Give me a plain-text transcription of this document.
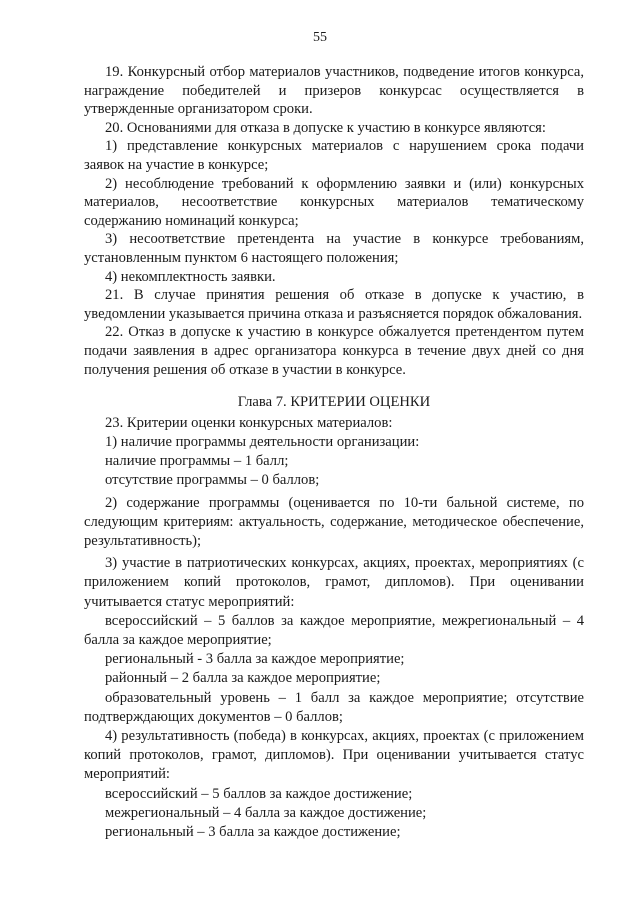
55

19. Конкурсный отбор материалов участников, подведение итогов конкурса, награждение победителей и призеров конкурсас осуществляется в утвержденные организатором сроки.

20. Основаниями для отказа в допуске к участию в конкурсе являются:

1) представление конкурсных материалов с нарушением срока подачи заявок на участие в конкурсе;

2) несоблюдение требований к оформлению заявки и (или) конкурсных материалов, несоответствие конкурсных материалов тематическому содержанию номинаций конкурса;

3) несоответствие претендента на участие в конкурсе требованиям, установленным пунктом 6 настоящего положения;

4) некомплектность заявки.

21. В случае принятия решения об отказе в допуске к участию, в уведомлении указывается причина отказа и разъясняется порядок обжалования.

22. Отказ в допуске к участию в конкурсе обжалуется претендентом путем подачи заявления в адрес организатора конкурса в течение двух дней со дня получения решения об отказе в участии в конкурсе.

Глава 7. КРИТЕРИИ ОЦЕНКИ

23. Критерии оценки конкурсных материалов:

1) наличие программы деятельности организации:

наличие программы – 1 балл;

отсутствие программы – 0 баллов;

2) содержание программы (оценивается по 10-ти бальной системе, по следующим критериям: актуальность, содержание, методическое обеспечение, результативность);

3) участие в патриотических конкурсах, акциях, проектах, мероприятиях (с приложением копий протоколов, грамот, дипломов). При оценивании учитывается статус мероприятий:

всероссийский – 5 баллов за каждое мероприятие, межрегиональный – 4 балла за каждое мероприятие;

региональный - 3 балла за каждое мероприятие;

районный – 2 балла за каждое мероприятие;

образовательный уровень – 1 балл за каждое мероприятие; отсутствие подтверждающих документов – 0 баллов;

4) результативность (победа) в конкурсах, акциях, проектах (с приложением копий протоколов, грамот, дипломов). При оценивании учитывается статус мероприятий:

всероссийский – 5 баллов за каждое достижение;

межрегиональный – 4 балла за каждое достижение;

региональный – 3 балла за каждое достижение;
